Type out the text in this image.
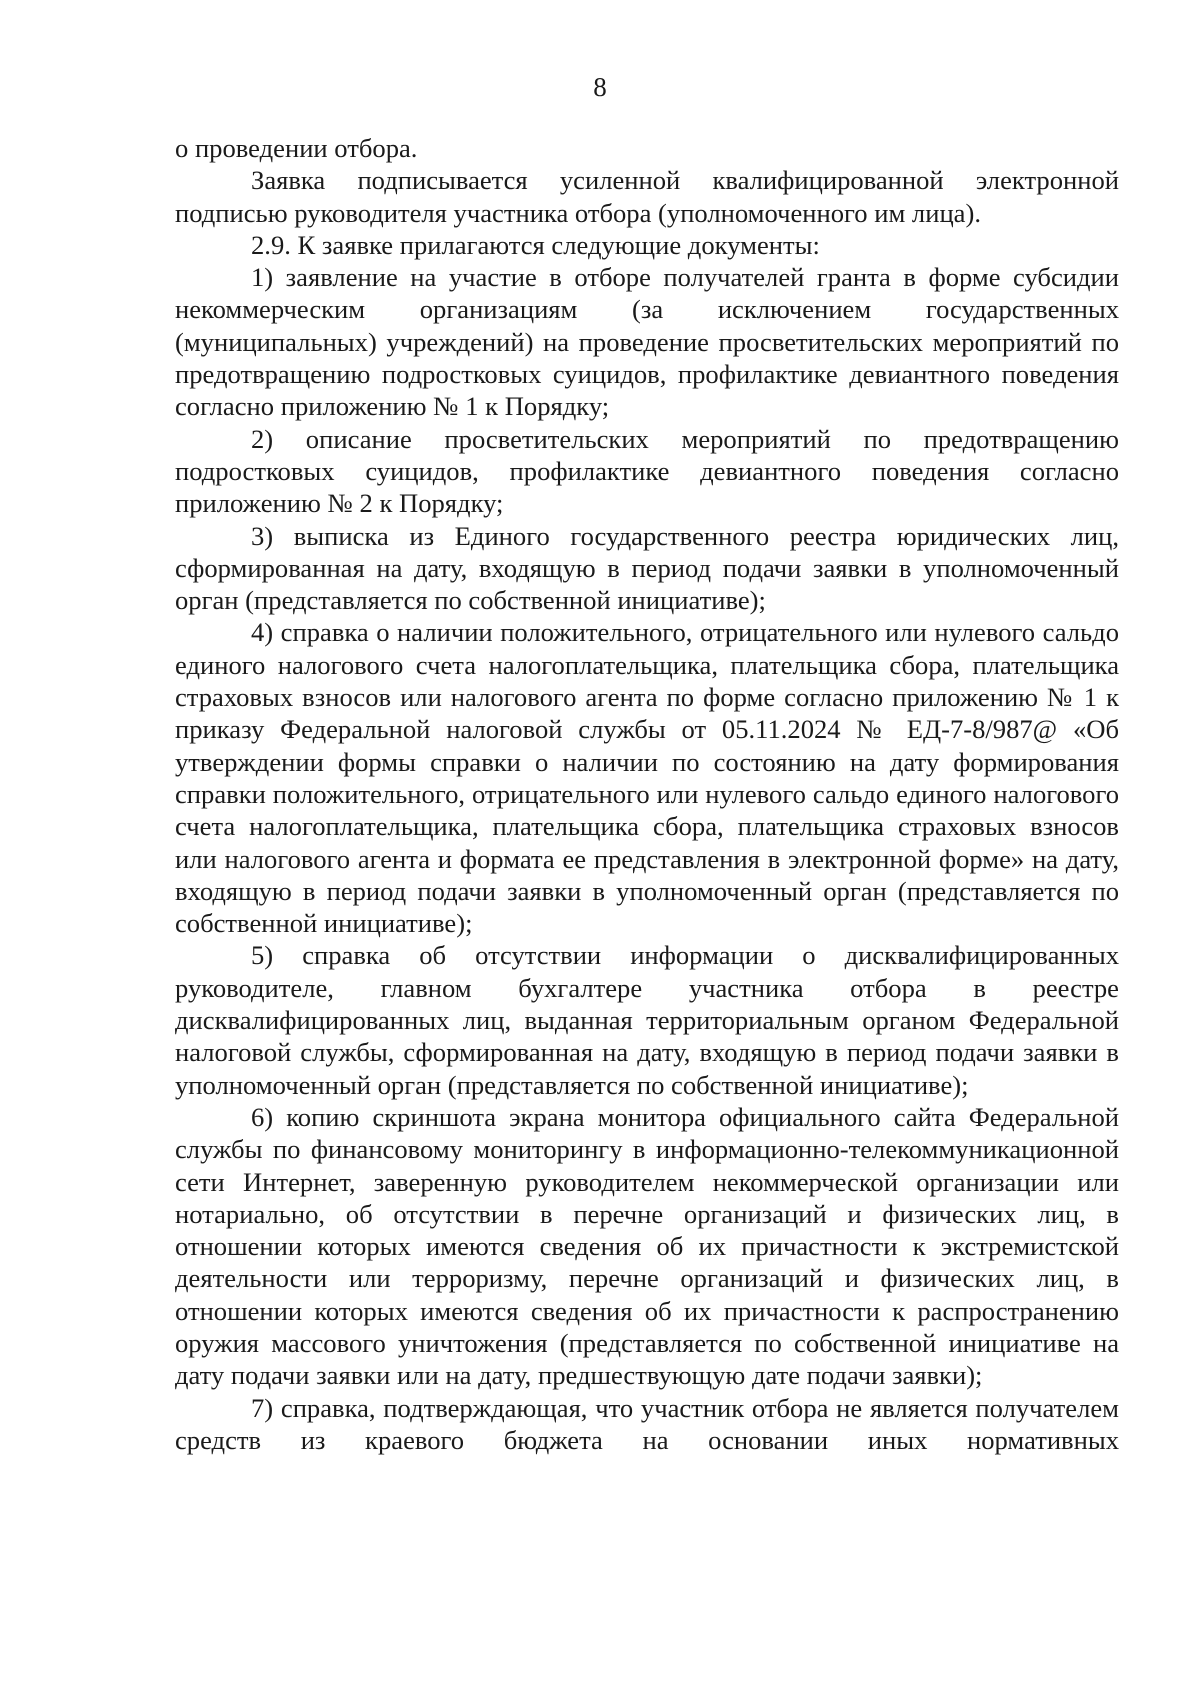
8

о проведении отбора.

Заявка подписывается усиленной квалифицированной электронной подписью руководителя участника отбора (уполномоченного им лица).

2.9. К заявке прилагаются следующие документы:

1) заявление на участие в отборе получателей гранта в форме субсидии некоммерческим организациям (за исключением государственных (муниципальных) учреждений) на проведение просветительских мероприятий по предотвращению подростковых суицидов, профилактике девиантного поведения согласно приложению № 1 к Порядку;

2) описание просветительских мероприятий по предотвращению подростковых суицидов, профилактике девиантного поведения согласно приложению № 2 к Порядку;

3) выписка из Единого государственного реестра юридических лиц, сформированная на дату, входящую в период подачи заявки в уполномоченный орган (представляется по собственной инициативе);

4) справка о наличии положительного, отрицательного или нулевого сальдо единого налогового счета налогоплательщика, плательщика сбора, плательщика страховых взносов или налогового агента по форме согласно приложению № 1 к приказу Федеральной налоговой службы от 05.11.2024 № ЕД-7-8/987@ «Об утверждении формы справки о наличии по состоянию на дату формирования справки положительного, отрицательного или нулевого сальдо единого налогового счета налогоплательщика, плательщика сбора, плательщика страховых взносов или налогового агента и формата ее представления в электронной форме» на дату, входящую в период подачи заявки в уполномоченный орган (представляется по собственной инициативе);

5) справка об отсутствии информации о дисквалифицированных руководителе, главном бухгалтере участника отбора в реестре дисквалифицированных лиц, выданная территориальным органом Федеральной налоговой службы, сформированная на дату, входящую в период подачи заявки в уполномоченный орган (представляется по собственной инициативе);

6) копию скриншота экрана монитора официального сайта Федеральной службы по финансовому мониторингу в информационно-телекоммуникационной сети Интернет, заверенную руководителем некоммерческой организации или нотариально, об отсутствии в перечне организаций и физических лиц, в отношении которых имеются сведения об их причастности к экстремистской деятельности или терроризму, перечне организаций и физических лиц, в отношении которых имеются сведения об их причастности к распространению оружия массового уничтожения (представляется по собственной инициативе на дату подачи заявки или на дату, предшествующую дате подачи заявки);

7) справка, подтверждающая, что участник отбора не является получателем средств из краевого бюджета на основании иных нормативных
